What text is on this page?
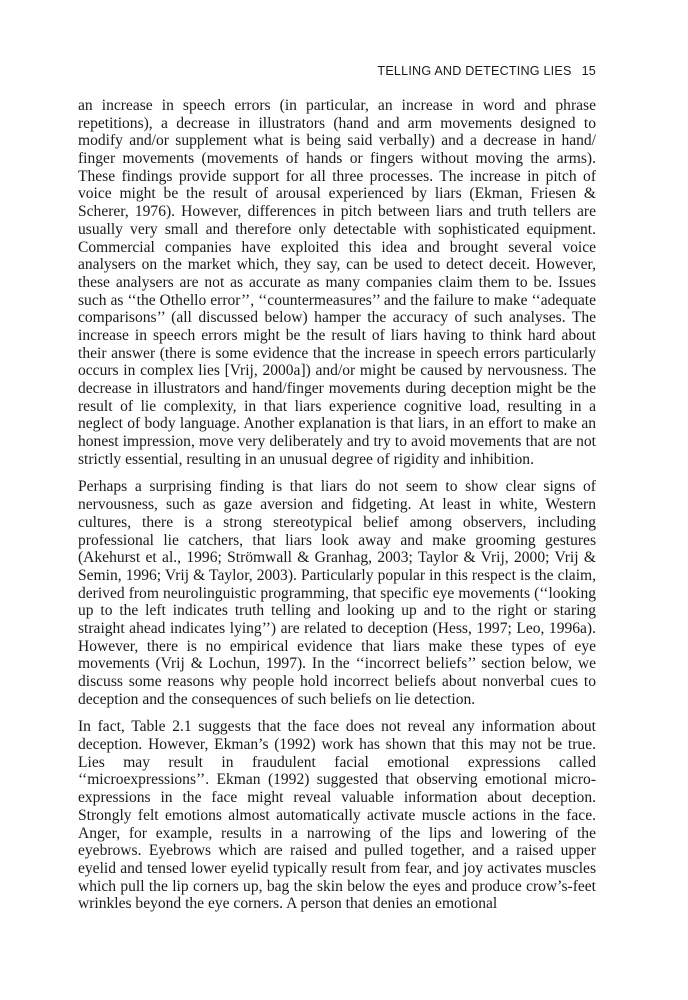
TELLING AND DETECTING LIES 15

an increase in speech errors (in particular, an increase in word and phrase repetitions), a decrease in illustrators (hand and arm movements designed to modify and/or supplement what is being said verbally) and a decrease in hand/​finger movements (movements of hands or fingers without moving the arms). These findings provide support for all three processes. The increase in pitch of voice might be the result of arousal experienced by liars (Ekman, Friesen & Scherer, 1976). However, differences in pitch between liars and truth tellers are usually very small and therefore only detectable with sophisticated equipment. Commercial companies have exploited this idea and brought several voice analysers on the market which, they say, can be used to detect deceit. However, these analysers are not as accurate as many companies claim them to be. Issues such as ‘‘the Othello error’’, ‘‘countermeasures’’ and the failure to make ‘‘adequate comparisons’’ (all discussed below) hamper the accuracy of such analyses. The increase in speech errors might be the result of liars having to think hard about their answer (there is some evidence that the increase in speech errors particularly occurs in complex lies [Vrij, 2000a]) and/or might be caused by nervousness. The decrease in illustrators and hand/finger movements during deception might be the result of lie complexity, in that liars experience cognitive load, resulting in a neglect of body language. Another explanation is that liars, in an effort to make an honest impression, move very deliberately and try to avoid movements that are not strictly essential, resulting in an unusual degree of rigidity and inhibition.

Perhaps a surprising finding is that liars do not seem to show clear signs of nervousness, such as gaze aversion and fidgeting. At least in white, Western cultures, there is a strong stereotypical belief among observers, including professional lie catchers, that liars look away and make grooming gestures (Akehurst et al., 1996; Strömwall & Granhag, 2003; Taylor & Vrij, 2000; Vrij & Semin, 1996; Vrij & Taylor, 2003). Particularly popular in this respect is the claim, derived from neurolinguistic programming, that specific eye movements (‘‘looking up to the left indicates truth telling and looking up and to the right or staring straight ahead indicates lying’’) are related to deception (Hess, 1997; Leo, 1996a). However, there is no empirical evidence that liars make these types of eye movements (Vrij & Lochun, 1997). In the ‘‘incorrect beliefs’’ section below, we discuss some reasons why people hold incorrect beliefs about nonverbal cues to deception and the consequences of such beliefs on lie detection.

In fact, Table 2.1 suggests that the face does not reveal any information about deception. However, Ekman’s (1992) work has shown that this may not be true. Lies may result in fraudulent facial emotional expressions called ‘‘microexpressions’’. Ekman (1992) suggested that observing emotional micro-​expressions in the face might reveal valuable information about deception. Strongly felt emotions almost automatically activate muscle actions in the face. Anger, for example, results in a narrowing of the lips and lowering of the eyebrows. Eyebrows which are raised and pulled together, and a raised upper eyelid and tensed lower eyelid typically result from fear, and joy activates muscles which pull the lip corners up, bag the skin below the eyes and produce crow’s-feet wrinkles beyond the eye corners. A person that denies an emotional
